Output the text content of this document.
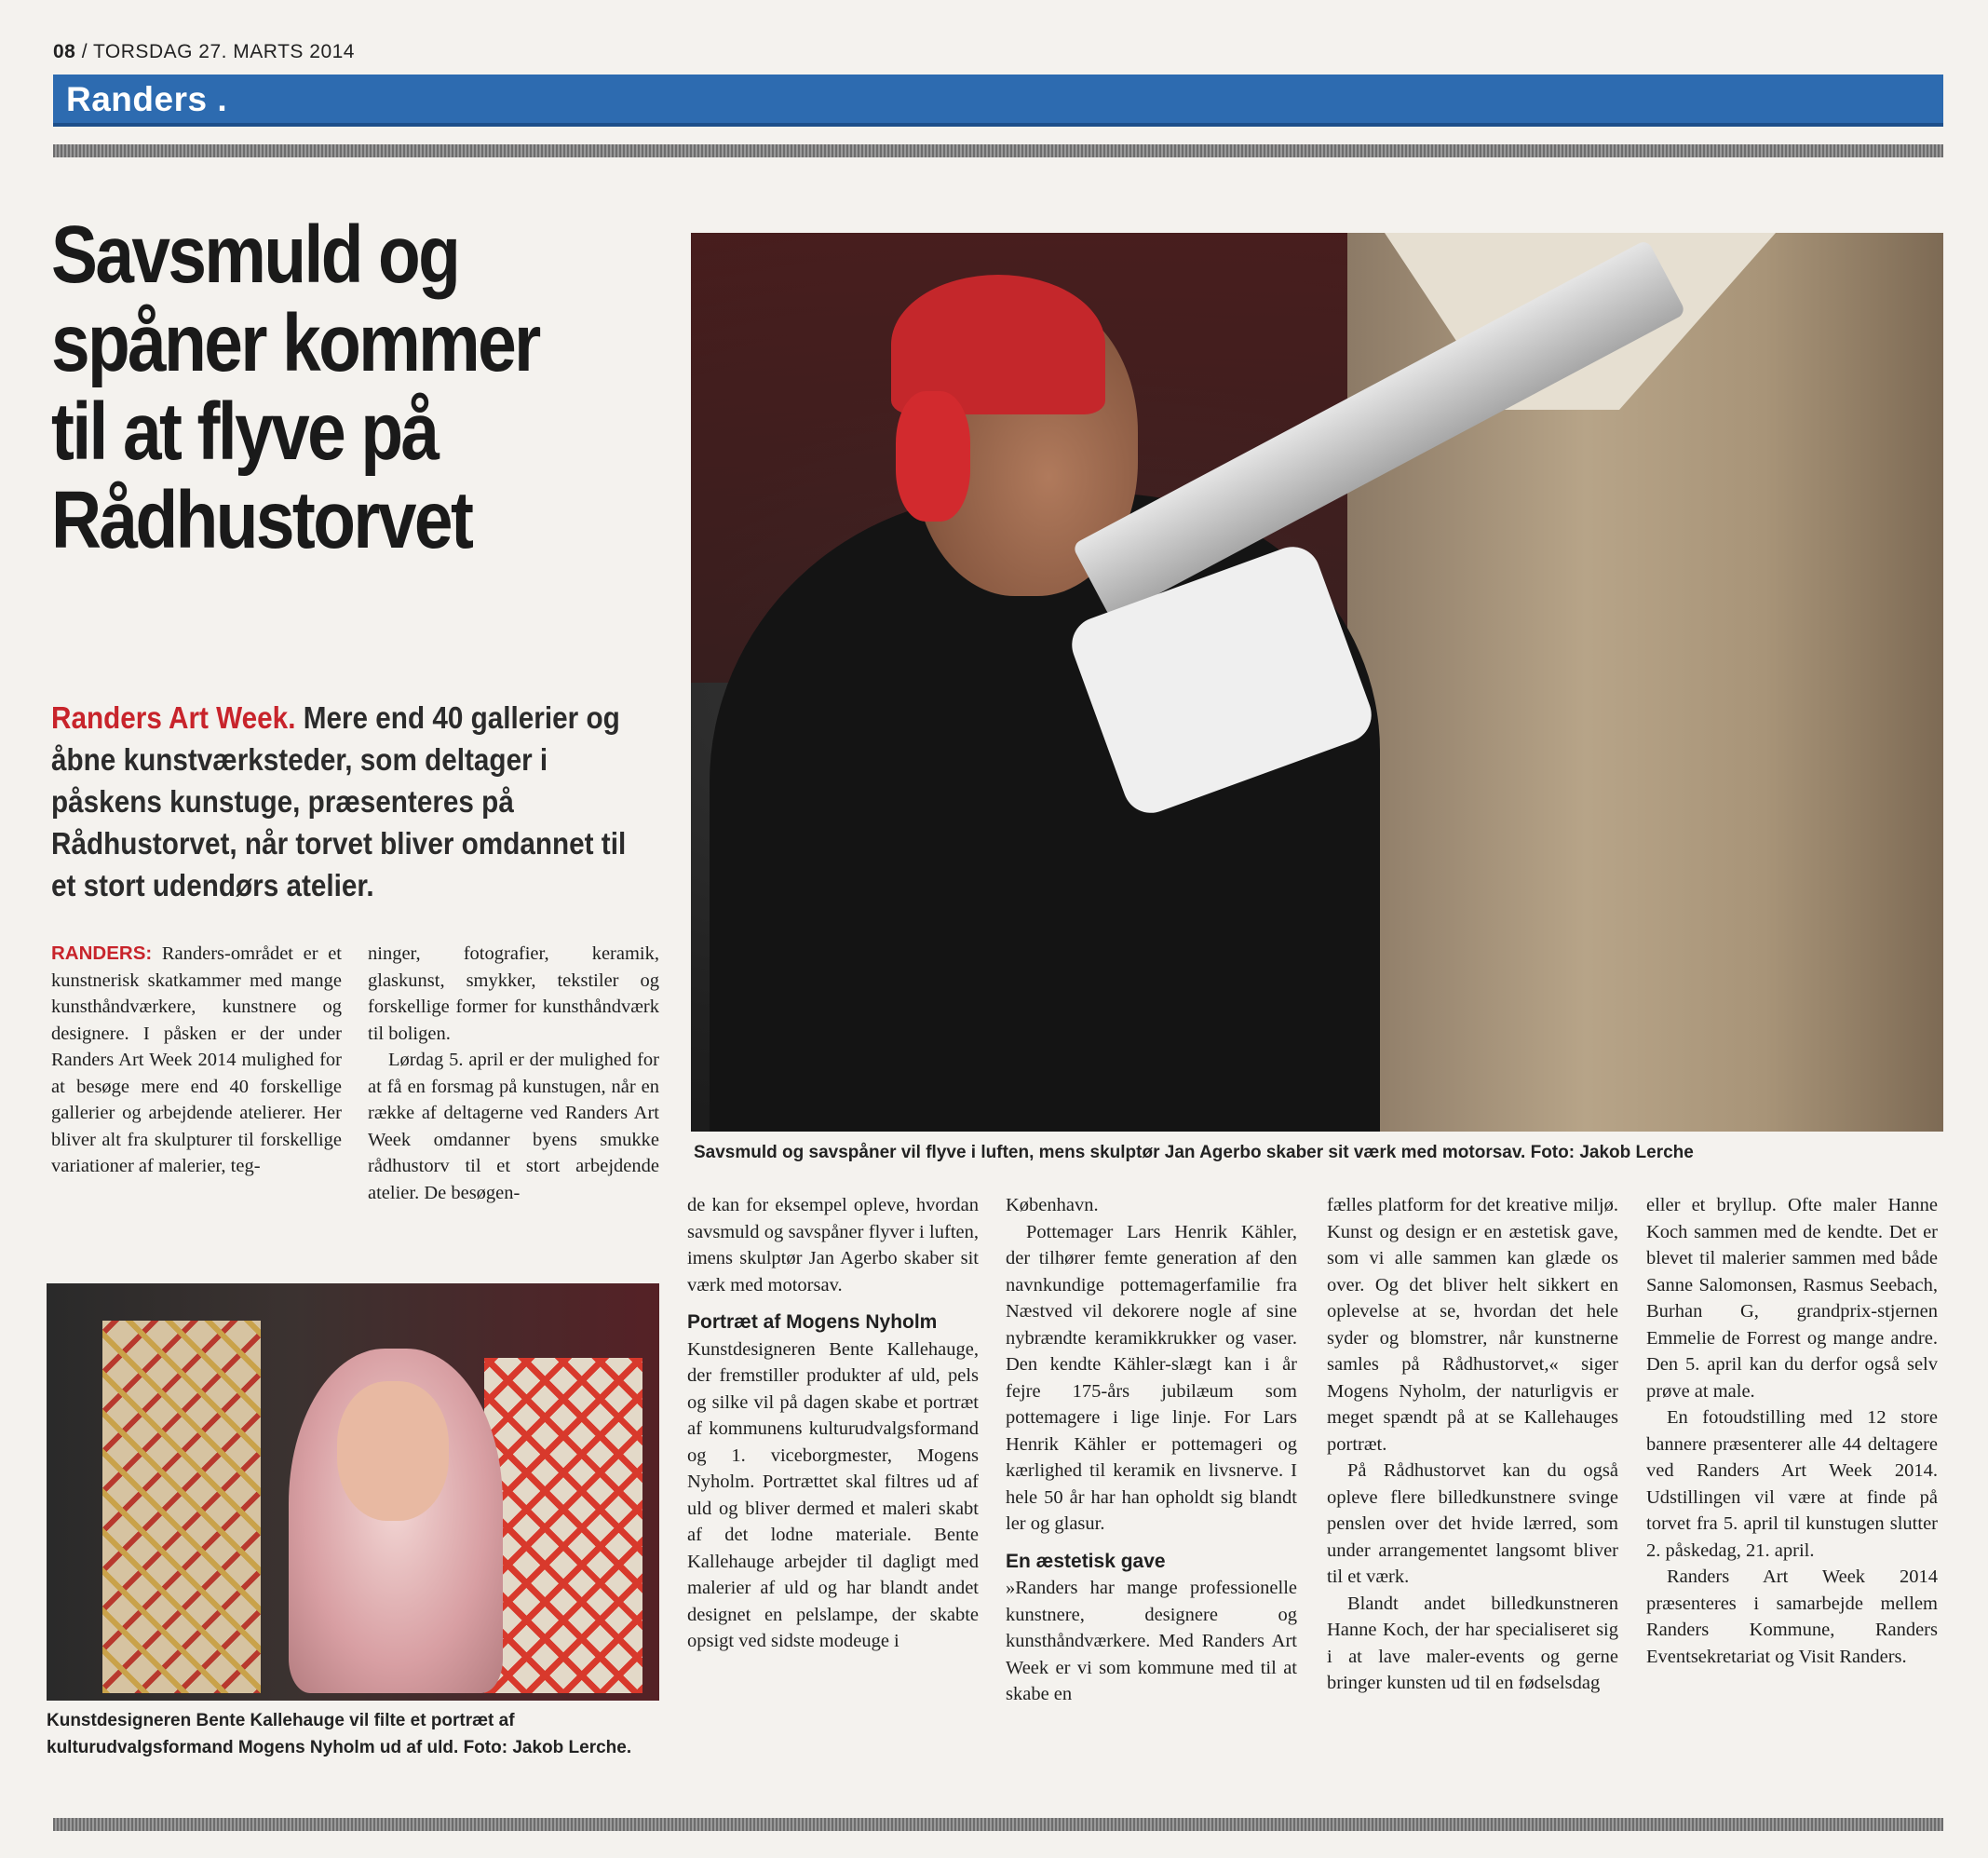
08 / TORSDAG 27. MARTS 2014
Randers .
Savsmuld og spåner kommer til at flyve på Rådhustorvet
Randers Art Week. Mere end 40 gallerier og åbne kunstværksteder, som deltager i påskens kunstuge, præsenteres på Rådhustorvet, når torvet bliver omdannet til et stort udendørs atelier.
Savsmuld og savspåner vil flyve i luften, mens skulptør Jan Agerbo skaber sit værk med motorsav. Foto: Jakob Lerche

RANDERS: Randers-området er et kunstnerisk skatkammer med mange kunsthåndværkere, kunstnere og designere. I påsken er der under Randers Art Week 2014 mulighed for at besøge mere end 40 forskellige gallerier og arbejdende atelierer. Her bliver alt fra skulpturer til forskellige variationer af malerier, teg-

ninger, fotografier, keramik, glaskunst, smykker, tekstiler og forskellige former for kunsthåndværk til boligen.

Lørdag 5. april er der mulighed for at få en forsmag på kunstugen, når en række af deltagerne ved Randers Art Week omdanner byens smukke rådhustorv til et stort arbejdende atelier. De besøgen-

Kunstdesigneren Bente Kallehauge vil filte et portræt af kulturudvalgsformand Mogens Nyholm ud af uld. Foto: Jakob Lerche.

de kan for eksempel opleve, hvordan savsmuld og savspåner flyver i luften, imens skulptør Jan Agerbo skaber sit værk med motorsav.

Portræt af Mogens Nyholm

Kunstdesigneren Bente Kallehauge, der fremstiller produkter af uld, pels og silke vil på dagen skabe et portræt af kommunens kulturudvalgsformand og 1. viceborgmester, Mogens Nyholm. Portrættet skal filtres ud af uld og bliver dermed et maleri skabt af det lodne materiale. Bente Kallehauge arbejder til dagligt med malerier af uld og har blandt andet designet en pelslampe, der skabte opsigt ved sidste modeuge i

København.

Pottemager Lars Henrik Kähler, der tilhører femte generation af den navnkundige pottemagerfamilie fra Næstved vil dekorere nogle af sine nybrændte keramikkrukker og vaser. Den kendte Kähler-slægt kan i år fejre 175-års jubilæum som pottemagere i lige linje. For Lars Henrik Kähler er pottemageri og kærlighed til keramik en livsnerve. I hele 50 år har han opholdt sig blandt ler og glasur.

En æstetisk gave

»Randers har mange professionelle kunstnere, designere og kunsthåndværkere. Med Randers Art Week er vi som kommune med til at skabe en

fælles platform for det kreative miljø. Kunst og design er en æstetisk gave, som vi alle sammen kan glæde os over. Og det bliver helt sikkert en oplevelse at se, hvordan det hele syder og blomstrer, når kunstnerne samles på Rådhustorvet,« siger Mogens Nyholm, der naturligvis er meget spændt på at se Kallehauges portræt.

På Rådhustorvet kan du også opleve flere billedkunstnere svinge penslen over det hvide lærred, som under arrangementet langsomt bliver til et værk.

Blandt andet billedkunstneren Hanne Koch, der har specialiseret sig i at lave maler-events og gerne bringer kunsten ud til en fødselsdag

eller et bryllup. Ofte maler Hanne Koch sammen med de kendte. Det er blevet til malerier sammen med både Sanne Salomonsen, Rasmus Seebach, Burhan G, grandprix-stjernen Emmelie de Forrest og mange andre. Den 5. april kan du derfor også selv prøve at male.

En fotoudstilling med 12 store bannere præsenterer alle 44 deltagere ved Randers Art Week 2014. Udstillingen vil være at finde på torvet fra 5. april til kunstugen slutter 2. påskedag, 21. april.

Randers Art Week 2014 præsenteres i samarbejde mellem Randers Kommune, Randers Eventsekretariat og Visit Randers.
